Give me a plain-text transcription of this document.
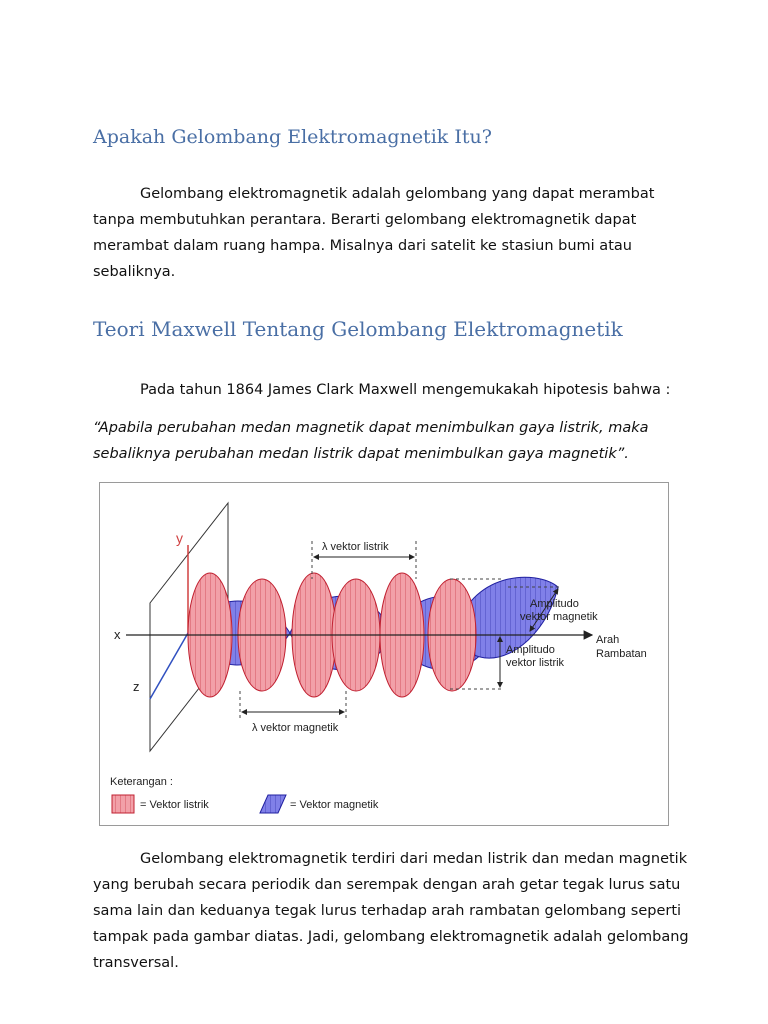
Apakah Gelombang Elektromagnetik Itu?

Gelombang elektromagnetik adalah gelombang yang dapat merambat tanpa membutuhkan perantara. Berarti gelombang elektromagnetik dapat merambat dalam ruang hampa. Misalnya dari satelit ke stasiun bumi atau sebaliknya.

Teori Maxwell Tentang Gelombang Elektromagnetik

Pada tahun 1864 James Clark Maxwell mengemukakah hipotesis bahwa :

“Apabila perubahan medan magnetik dapat menimbulkan gaya listrik, maka sebaliknya perubahan medan listrik dapat menimbulkan gaya magnetik”.

y
z
x
λ vektor listrik
λ vektor magnetik
Amplitudo
vektor magnetik
Amplitudo
vektor listrik
Arah
Rambatan
Keterangan :
= Vektor listrik	= Vektor magnetik

Gelombang elektromagnetik terdiri dari medan listrik dan medan magnetik yang berubah secara periodik dan serempak dengan arah getar tegak lurus satu sama lain dan keduanya tegak lurus terhadap arah rambatan gelombang seperti tampak pada gambar diatas. Jadi, gelombang elektromagnetik adalah gelombang transversal.
